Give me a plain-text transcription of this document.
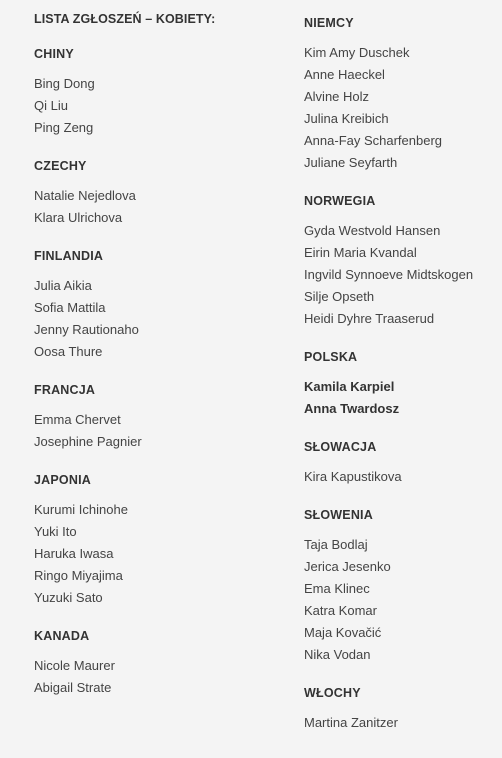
LISTA ZGŁOSZEŃ – KOBIETY:
CHINY
Bing Dong
Qi Liu
Ping Zeng
CZECHY
Natalie Nejedlova
Klara Ulrichova
FINLANDIA
Julia Aikia
Sofia Mattila
Jenny Rautionaho
Oosa Thure
FRANCJA
Emma Chervet
Josephine Pagnier
JAPONIA
Kurumi Ichinohe
Yuki Ito
Haruka Iwasa
Ringo Miyajima
Yuzuki Sato
KANADA
Nicole Maurer
Abigail Strate
NIEMCY
Kim Amy Duschek
Anne Haeckel
Alvine Holz
Julina Kreibich
Anna-Fay Scharfenberg
Juliane Seyfarth
NORWEGIA
Gyda Westvold Hansen
Eirin Maria Kvandal
Ingvild Synnoeve Midtskogen
Silje Opseth
Heidi Dyhre Traaserud
POLSKA
Kamila Karpiel
Anna Twardosz
SŁOWACJA
Kira Kapustikova
SŁOWENIA
Taja Bodlaj
Jerica Jesenko
Ema Klinec
Katra Komar
Maja Kovačić
Nika Vodan
WŁOCHY
Martina Zanitzer
